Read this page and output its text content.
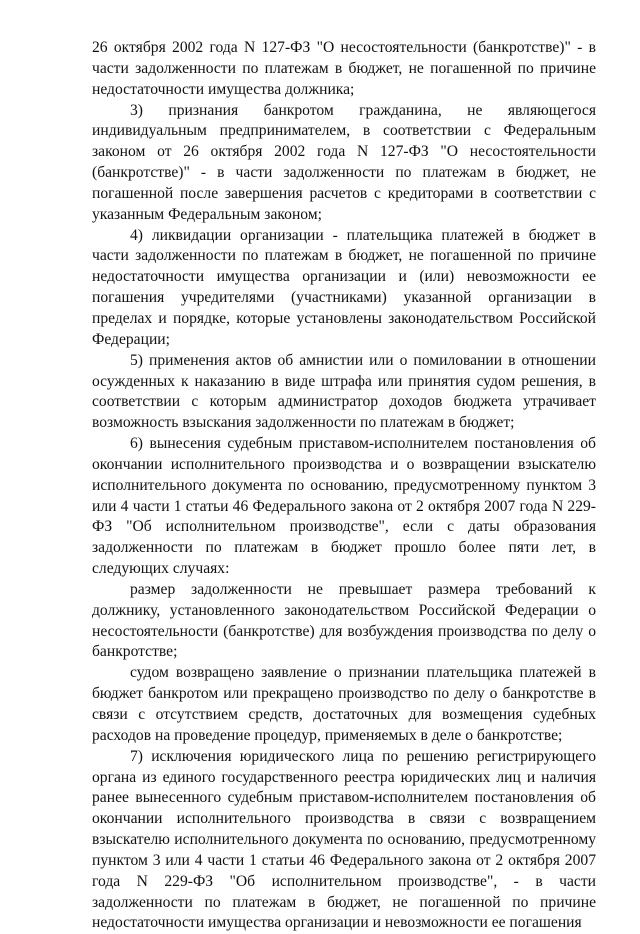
26 октября 2002 года N 127-ФЗ "О несостоятельности (банкротстве)" - в части задолженности по платежам в бюджет, не погашенной по причине недостаточности имущества должника;

3) признания банкротом гражданина, не являющегося индивидуальным предпринимателем, в соответствии с Федеральным законом от 26 октября 2002 года N 127-ФЗ "О несостоятельности (банкротстве)" - в части задолженности по платежам в бюджет, не погашенной после завершения расчетов с кредиторами в соответствии с указанным Федеральным законом;

4) ликвидации организации - плательщика платежей в бюджет в части задолженности по платежам в бюджет, не погашенной по причине недостаточности имущества организации и (или) невозможности ее погашения учредителями (участниками) указанной организации в пределах и порядке, которые установлены законодательством Российской Федерации;

5) применения актов об амнистии или о помиловании в отношении осужденных к наказанию в виде штрафа или принятия судом решения, в соответствии с которым администратор доходов бюджета утрачивает возможность взыскания задолженности по платежам в бюджет;

6) вынесения судебным приставом-исполнителем постановления об окончании исполнительного производства и о возвращении взыскателю исполнительного документа по основанию, предусмотренному пунктом 3 или 4 части 1 статьи 46 Федерального закона от 2 октября 2007 года N 229-ФЗ "Об исполнительном производстве", если с даты образования задолженности по платежам в бюджет прошло более пяти лет, в следующих случаях:

размер задолженности не превышает размера требований к должнику, установленного законодательством Российской Федерации о несостоятельности (банкротстве) для возбуждения производства по делу о банкротстве;

судом возвращено заявление о признании плательщика платежей в бюджет банкротом или прекращено производство по делу о банкротстве в связи с отсутствием средств, достаточных для возмещения судебных расходов на проведение процедур, применяемых в деле о банкротстве;

7) исключения юридического лица по решению регистрирующего органа из единого государственного реестра юридических лиц и наличия ранее вынесенного судебным приставом-исполнителем постановления об окончании исполнительного производства в связи с возвращением взыскателю исполнительного документа по основанию, предусмотренному пунктом 3 или 4 части 1 статьи 46 Федерального закона от 2 октября 2007 года N 229-ФЗ "Об исполнительном производстве", - в части задолженности по платежам в бюджет, не погашенной по причине недостаточности имущества организации и невозможности ее погашения
